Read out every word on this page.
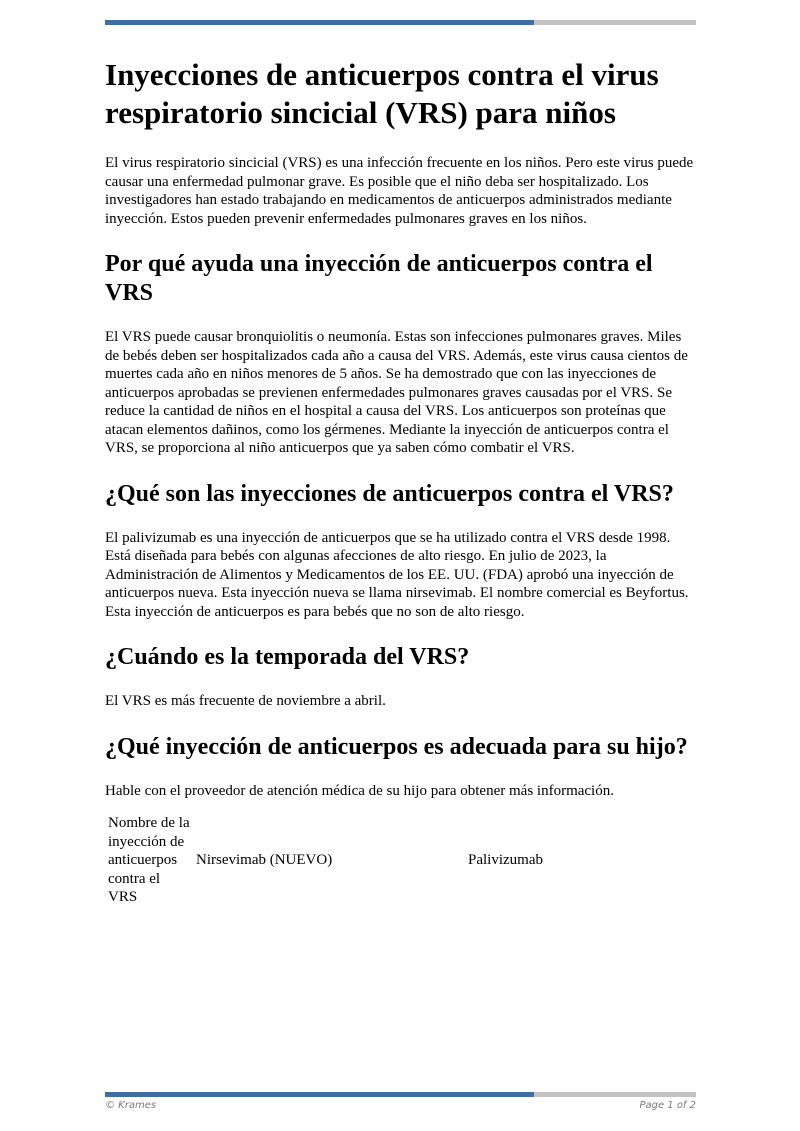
Inyecciones de anticuerpos contra el virus respiratorio sincicial (VRS) para niños

El virus respiratorio sincicial (VRS) es una infección frecuente en los niños. Pero este virus puede causar una enfermedad pulmonar grave. Es posible que el niño deba ser hospitalizado. Los investigadores han estado trabajando en medicamentos de anticuerpos administrados mediante inyección. Estos pueden prevenir enfermedades pulmonares graves en los niños.

Por qué ayuda una inyección de anticuerpos contra el VRS

El VRS puede causar bronquiolitis o neumonía. Estas son infecciones pulmonares graves. Miles de bebés deben ser hospitalizados cada año a causa del VRS. Además, este virus causa cientos de muertes cada año en niños menores de 5 años. Se ha demostrado que con las inyecciones de anticuerpos aprobadas se previenen enfermedades pulmonares graves causadas por el VRS. Se reduce la cantidad de niños en el hospital a causa del VRS. Los anticuerpos son proteínas que atacan elementos dañinos, como los gérmenes. Mediante la inyección de anticuerpos contra el VRS, se proporciona al niño anticuerpos que ya saben cómo combatir el VRS.

¿Qué son las inyecciones de anticuerpos contra el VRS?

El palivizumab es una inyección de anticuerpos que se ha utilizado contra el VRS desde 1998. Está diseñada para bebés con algunas afecciones de alto riesgo. En julio de 2023, la Administración de Alimentos y Medicamentos de los EE. UU. (FDA) aprobó una inyección de anticuerpos nueva. Esta inyección nueva se llama nirsevimab. El nombre comercial es Beyfortus. Esta inyección de anticuerpos es para bebés que no son de alto riesgo.

¿Cuándo es la temporada del VRS?

El VRS es más frecuente de noviembre a abril.

¿Qué inyección de anticuerpos es adecuada para su hijo?

Hable con el proveedor de atención médica de su hijo para obtener más información.

Nombre de la inyección de anticuerpos contra el VRS
Nirsevimab (NUEVO)	Palivizumab
© Krames	Page 1 of 2
